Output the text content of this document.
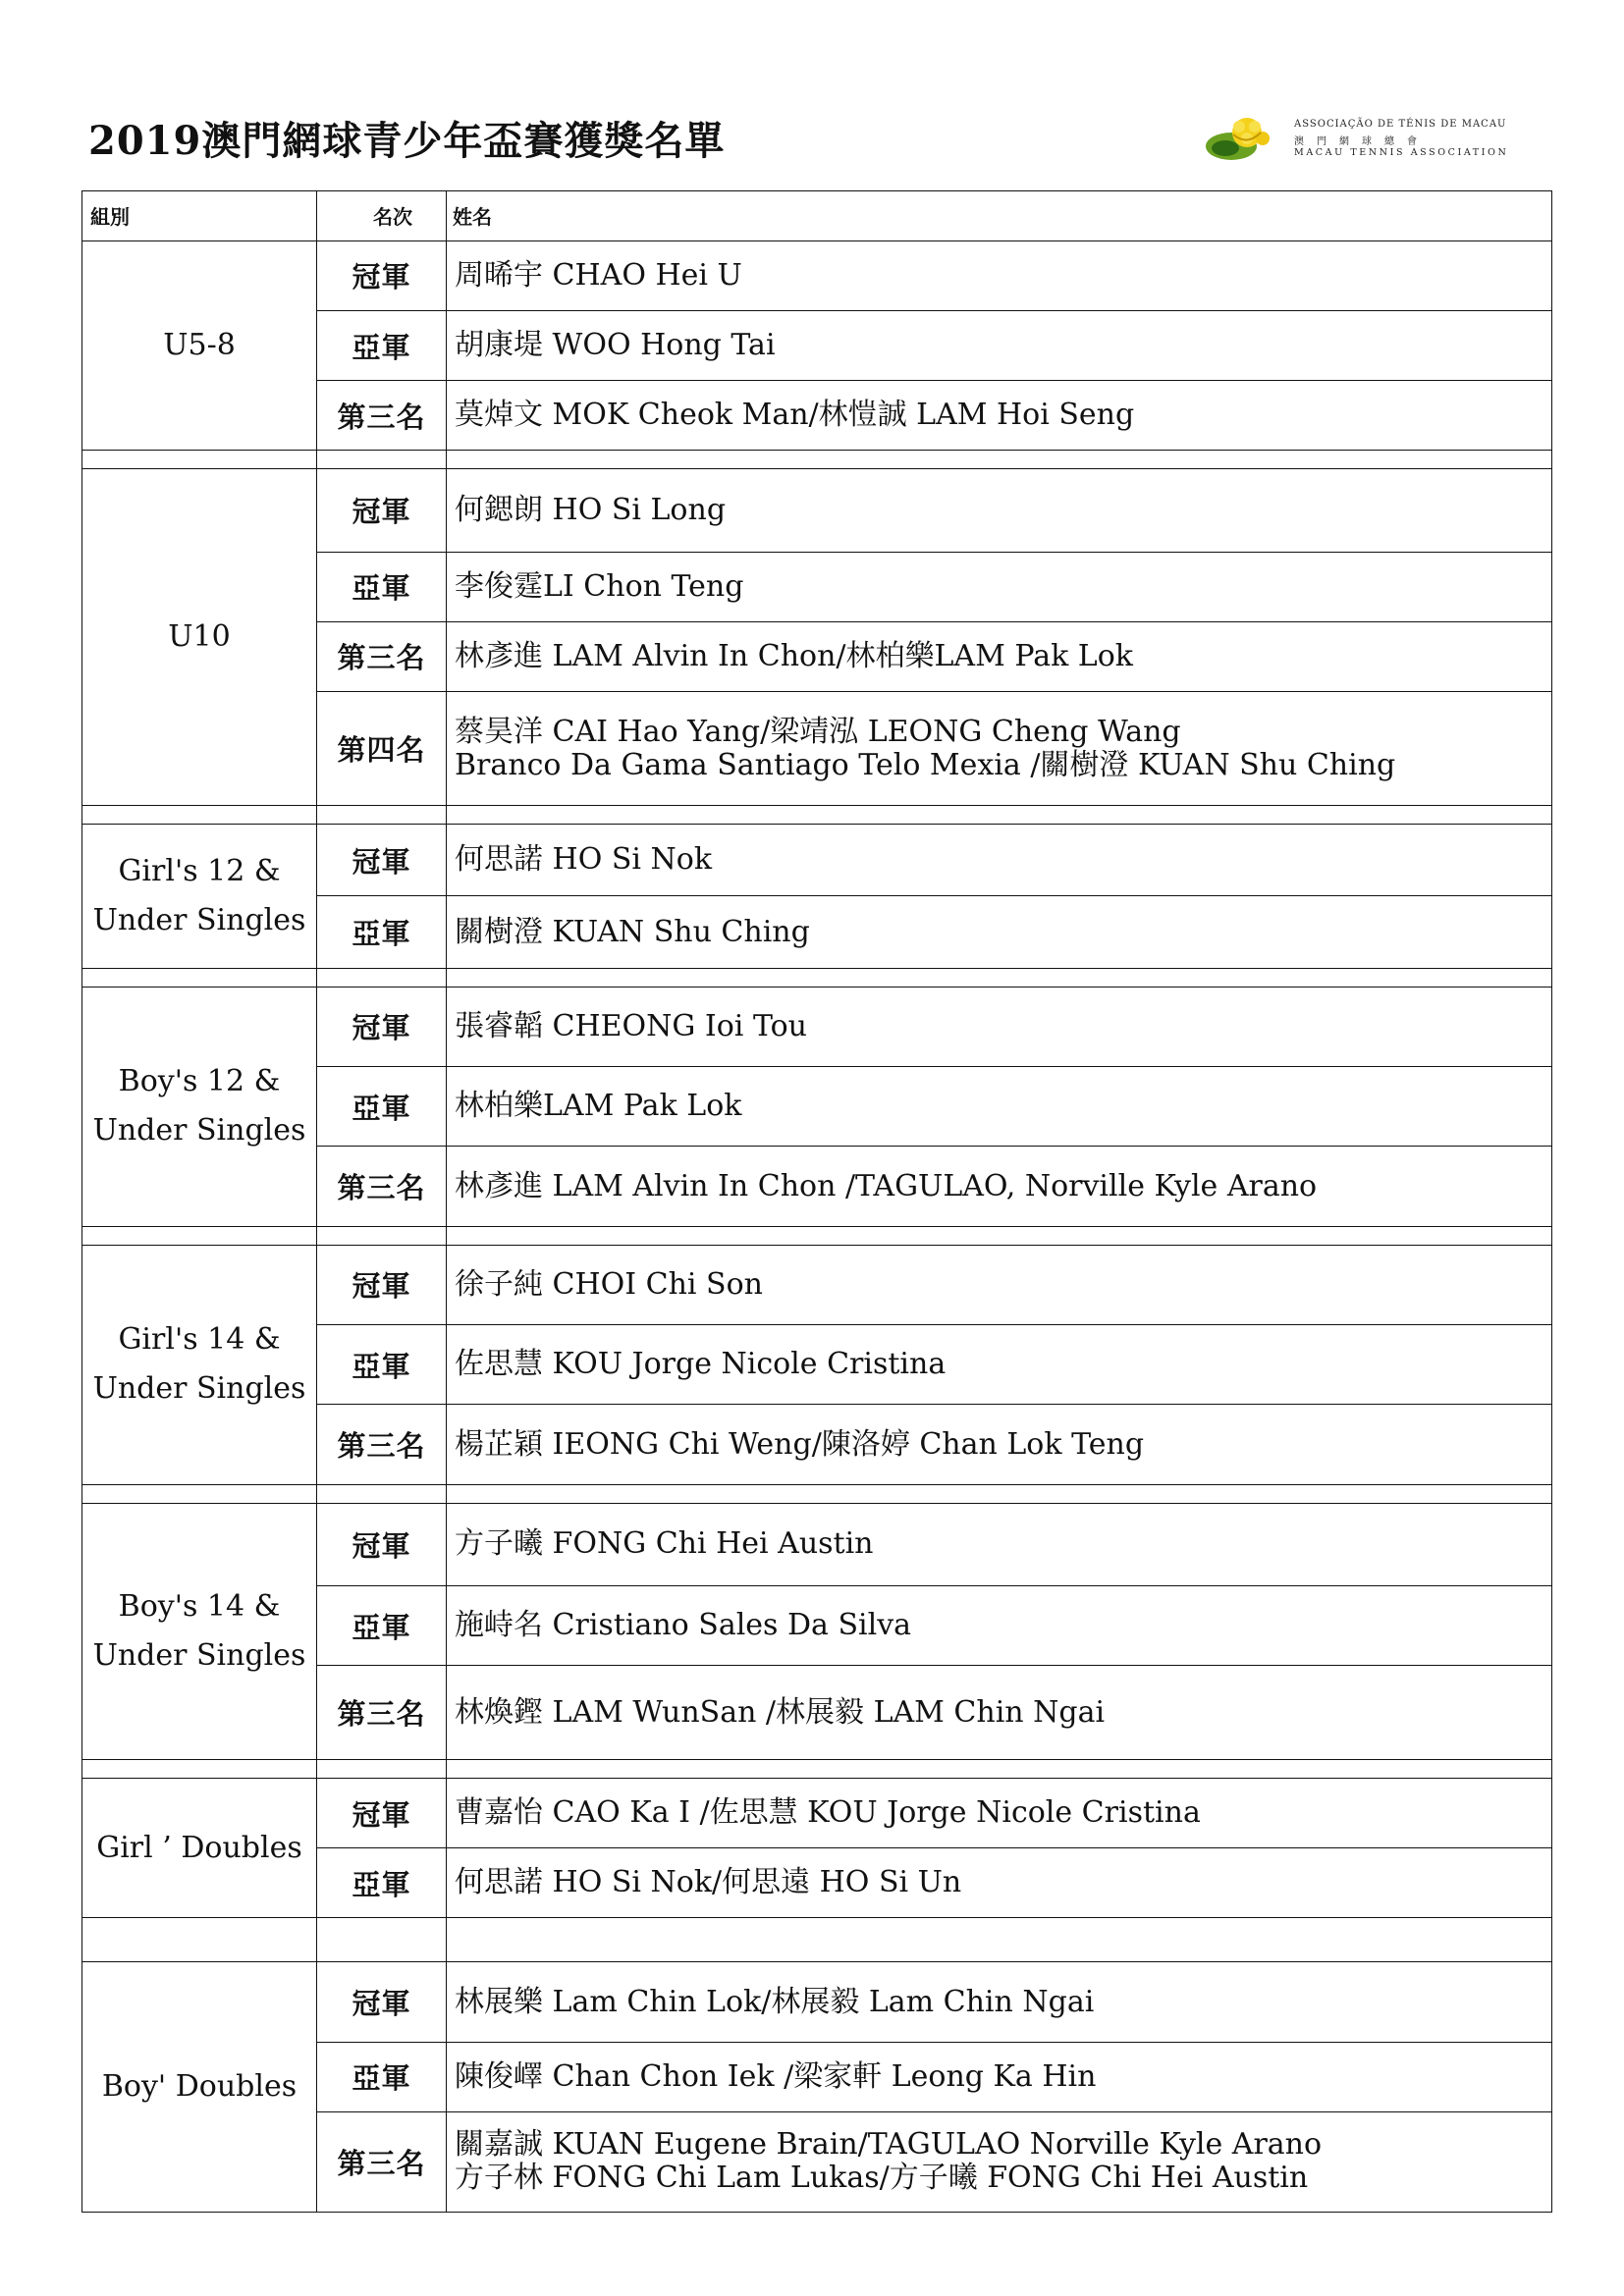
2019澳門網球青少年盃賽獲獎名單	ASSOCIAÇÃO DE TÉNIS DE MACAU
澳門網球總會
MACAU TENNIS ASSOCIATION
組別	名次	姓名
U5-8	冠軍	周晞宇 CHAO Hei U

	亞軍	胡康堤 WOO Hong Tai

	第三名	莫焯文 MOK Cheok Man/林愷誠 LAM Hoi Seng

U10	冠軍	何鍶朗 HO Si Long

	亞軍	李俊霆LI Chon Teng

	第三名	林彥進 LAM Alvin In Chon/林柏樂LAM Pak Lok

	第四名	蔡昊洋 CAI Hao Yang/梁靖泓 LEONG Cheng Wang
Branco Da Gama Santiago Telo Mexia /關樹澄 KUAN Shu Ching

Girl's 12 &
Under Singles	冠軍	何思諾 HO Si Nok

	亞軍	關樹澄 KUAN Shu Ching

Boy's 12 &
Under Singles	冠軍	張睿韜 CHEONG Ioi Tou

	亞軍	林柏樂LAM Pak Lok

	第三名	林彥進 LAM Alvin In Chon /TAGULAO, Norville Kyle Arano

Girl's 14 &
Under Singles	冠軍	徐子純 CHOI Chi Son

	亞軍	佐思慧 KOU Jorge Nicole Cristina

	第三名	楊芷穎 IEONG Chi Weng/陳洛婷 Chan Lok Teng

Boy's 14 &
Under Singles	冠軍	方子曦 FONG Chi Hei Austin

	亞軍	施峙名 Cristiano Sales Da Silva

	第三名	林煥鏗 LAM WunSan /林展毅 LAM Chin Ngai

Girl ’ Doubles	冠軍	曹嘉怡 CAO Ka I /佐思慧 KOU Jorge Nicole Cristina

	亞軍	何思諾 HO Si Nok/何思遠 HO Si Un

Boy' Doubles	冠軍	林展樂 Lam Chin Lok/林展毅 Lam Chin Ngai

	亞軍	陳俊嶧 Chan Chon Iek /梁家軒 Leong Ka Hin

	第三名	關嘉誠 KUAN Eugene Brain/TAGULAO Norville Kyle Arano
方子林 FONG Chi Lam Lukas/方子曦 FONG Chi Hei Austin
